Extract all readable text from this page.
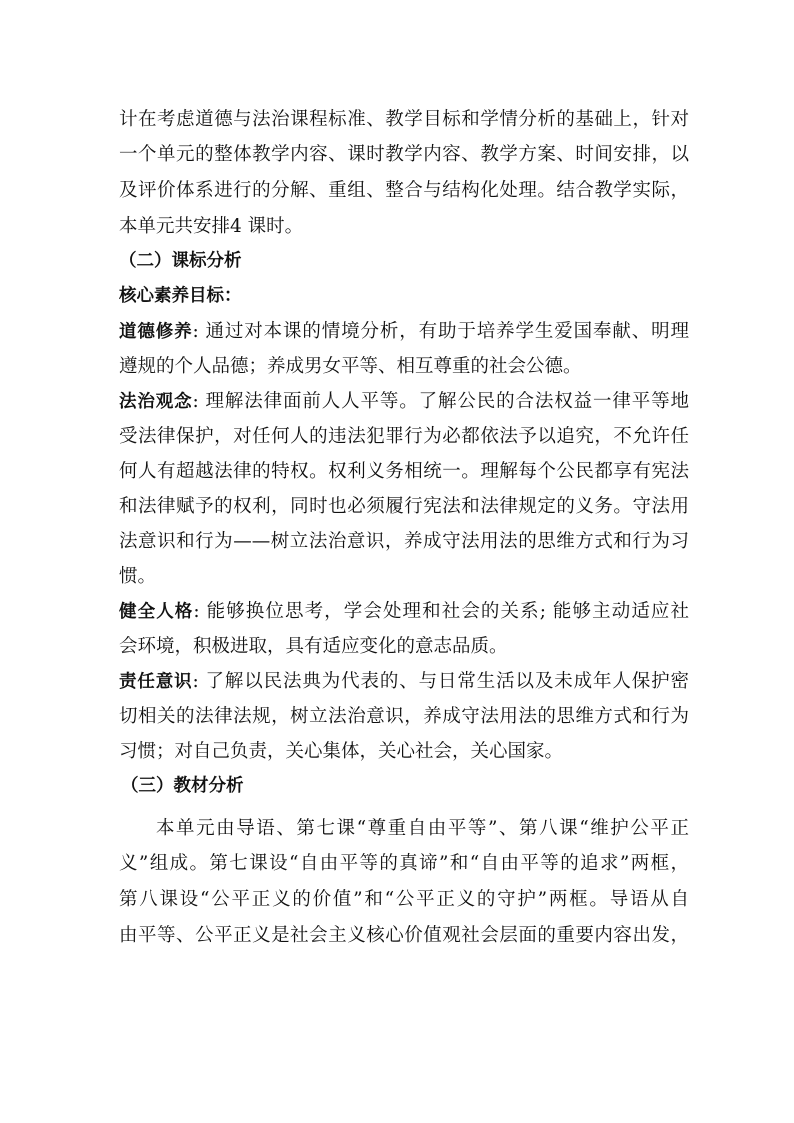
计在考虑道德与法治课程标准、教学目标和学情分析的基础上，针对
一个单元的整体教学内容、课时教学内容、教学方案、时间安排，以
及评价体系进行的分解、重组、整合与结构化处理。结合教学实际，
本单元共安排4 课时。
（二）课标分析
核心素养目标：
道德修养: 通过对本课的情境分析，有助于培养学生爱国奉献、明理
遵规的个人品德；养成男女平等、相互尊重的社会公德。
法治观念: 理解法律面前人人平等。了解公民的合法权益一律平等地
受法律保护，对任何人的违法犯罪行为必都依法予以追究，不允许任
何人有超越法律的特权。权利义务相统一。理解每个公民都享有宪法
和法律赋予的权利，同时也必须履行宪法和法律规定的义务。守法用
法意识和行为——树立法治意识，养成守法用法的思维方式和行为习
惯。
健全人格: 能够换位思考，学会处理和社会的关系; 能够主动适应社
会环境，积极进取，具有适应变化的意志品质。
责任意识: 了解以民法典为代表的、与日常生活以及未成年人保护密
切相关的法律法规，树立法治意识，养成守法用法的思维方式和行为
习惯；对自己负责，关心集体，关心社会，关心国家。
（三）教材分析
本单元由导语、第七课“尊重自由平等”、第八课“维护公平正
义”组成。第七课设“自由平等的真谛”和“自由平等的追求”两框，
第八课设“公平正义的价值”和“公平正义的守护”两框。导语从自
由平等、公平正义是社会主义核心价值观社会层面的重要内容出发，
